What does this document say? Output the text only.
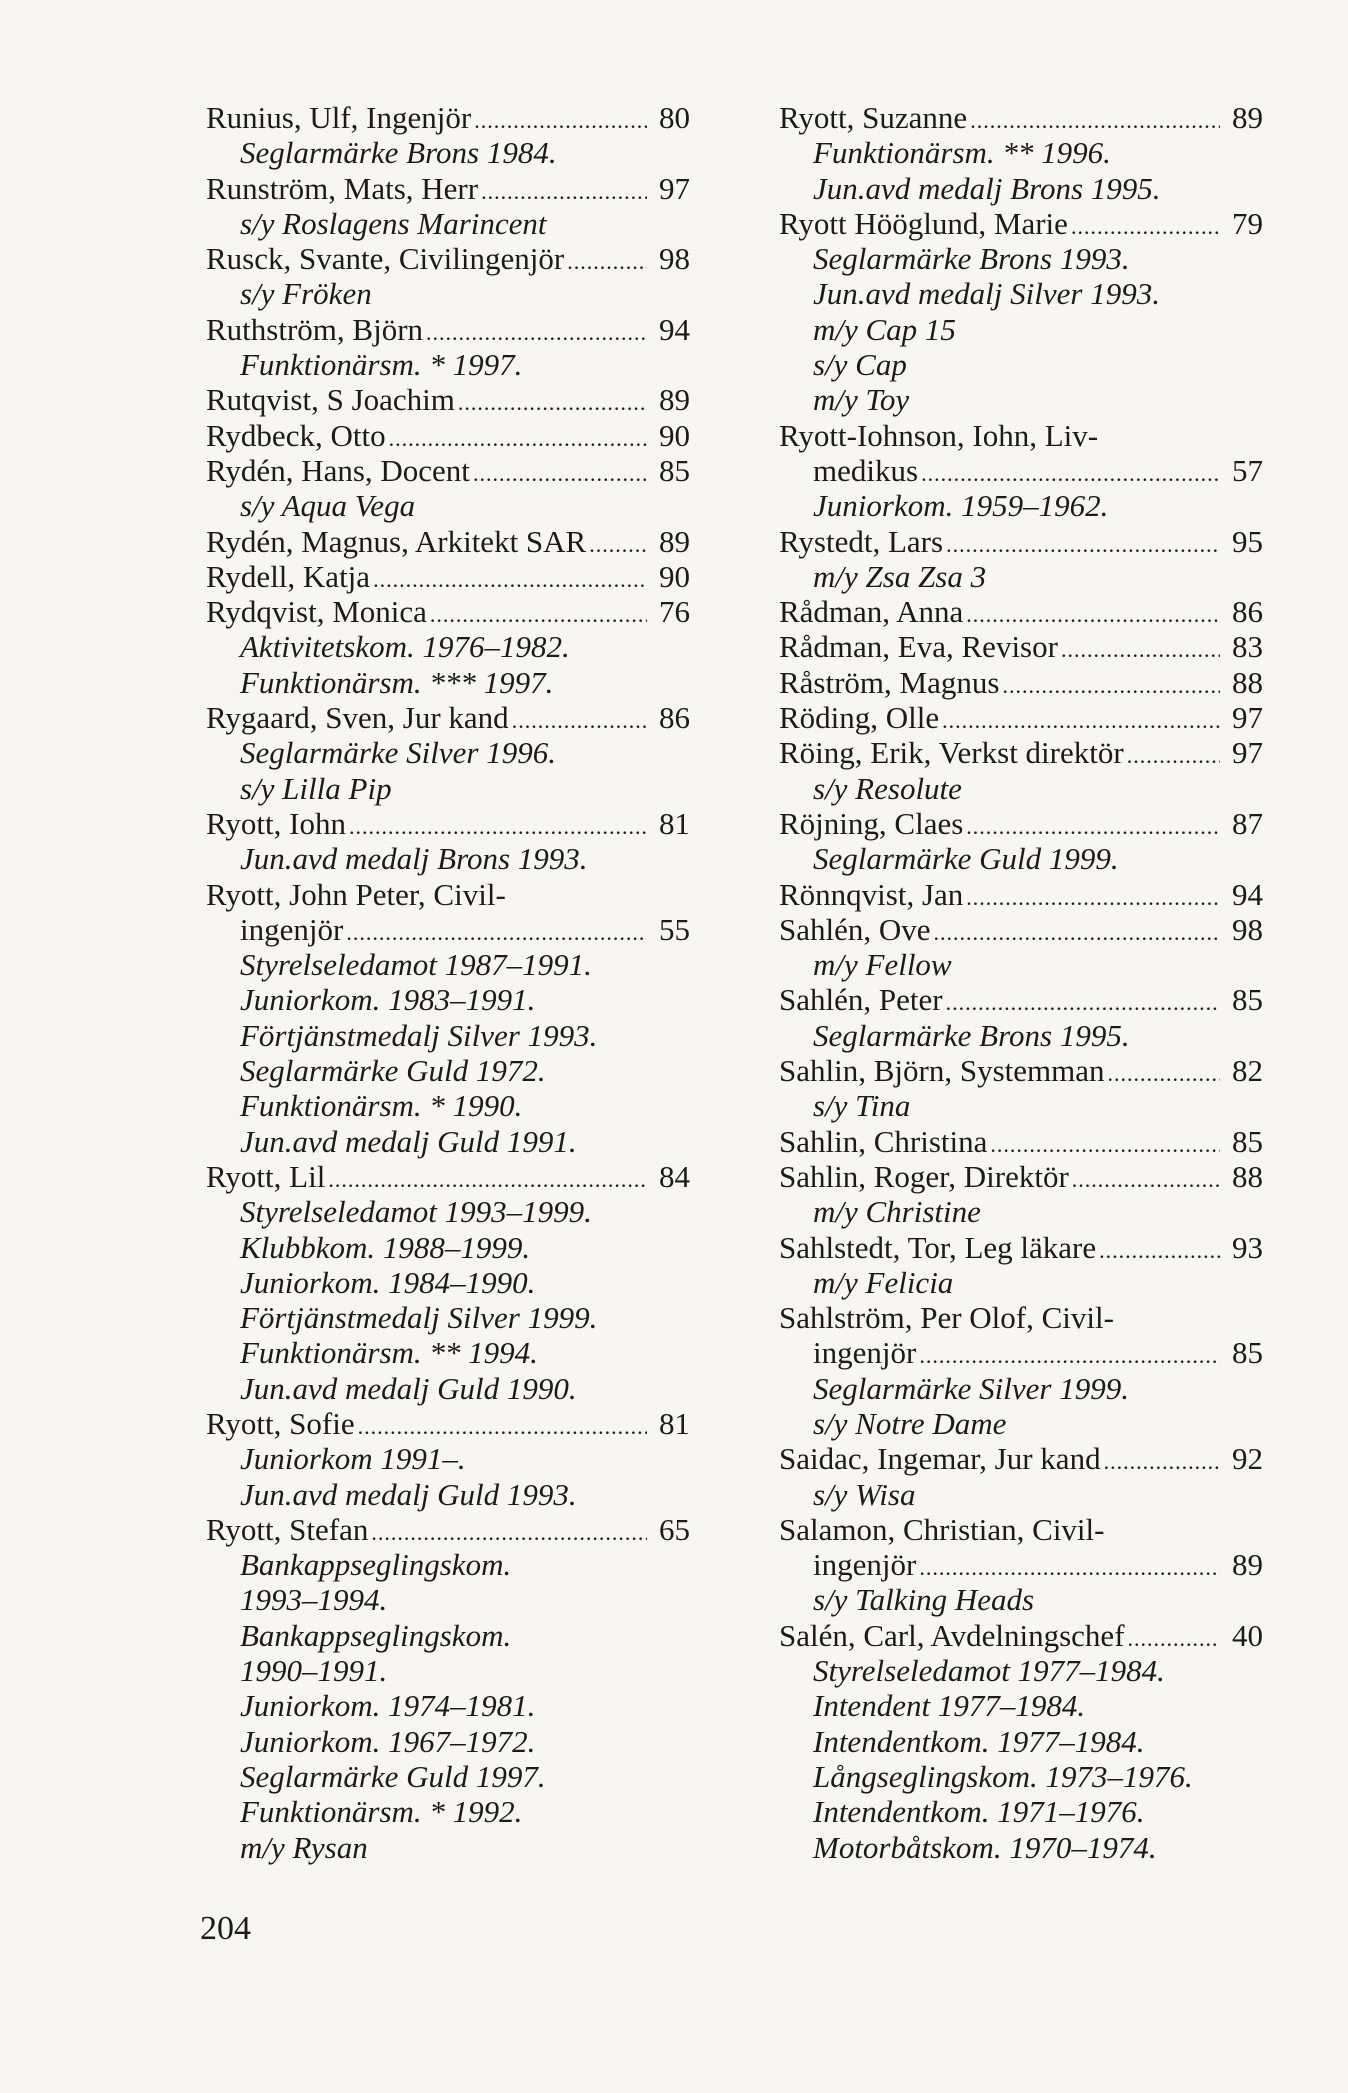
Runius, Ulf, Ingenjör .....	80
Seglarmärke Brons 1984.
Runström, Mats, Herr .....	97
s/y Roslagens Marincent
Rusck, Svante, Civilingenjör .....	98
s/y Fröken
Ruthström, Björn .....	94
Funktionärsm. * 1997.
Rutqvist, S Joachim .....	89
Rydbeck, Otto .....	90
Rydén, Hans, Docent .....	85
s/y Aqua Vega
Rydén, Magnus, Arkitekt SAR ..... 89
Rydell, Katja .....	90
Rydqvist, Monica .....	76
Aktivitetskom. 1976–1982.
Funktionärsm. *** 1997.
Rygaard, Sven, Jur kand .....	86
Seglarmärke Silver 1996.
s/y Lilla Pip
Ryott, Iohn .....	81
Jun.avd medalj Brons 1993.
Ryott, John Peter, Civil-
ingenjör .....	55
Styrelseledamot 1987–1991.
Juniorkom. 1983–1991.
Förtjänstmedalj Silver 1993.
Seglarmärke Guld 1972.
Funktionärsm. * 1990.
Jun.avd medalj Guld 1991.
Ryott, Lil .....	84
Styrelseledamot 1993–1999.
Klubbkom. 1988–1999.
Juniorkom. 1984–1990.
Förtjänstmedalj Silver 1999.
Funktionärsm. ** 1994.
Jun.avd medalj Guld 1990.
Ryott, Sofie .....	81
Juniorkom 1991–.
Jun.avd medalj Guld 1993.
Ryott, Stefan .....	65
Bankappseglingskom.
1993–1994.
Bankappseglingskom.
1990–1991.
Juniorkom. 1974–1981.
Juniorkom. 1967–1972.
Seglarmärke Guld 1997.
Funktionärsm. * 1992.
m/y Rysan
Ryott, Suzanne .....	89
Funktionärsm. ** 1996.
Jun.avd medalj Brons 1995.
Ryott Hööglund, Marie .....	79
Seglarmärke Brons 1993.
Jun.avd medalj Silver 1993.
m/y Cap 15
s/y Cap
m/y Toy
Ryott-Iohnson, Iohn, Liv-
medikus .....	57
Juniorkom. 1959–1962.
Rystedt, Lars .....	95
m/y Zsa Zsa 3
Rådman, Anna .....	86
Rådman, Eva, Revisor .....	83
Råström, Magnus .....	88
Röding, Olle .....	97
Röing, Erik, Verkst direktör .....	97
s/y Resolute
Röjning, Claes .....	87
Seglarmärke Guld 1999.
Rönnqvist, Jan .....	94
Sahlén, Ove .....	98
m/y Fellow
Sahlén, Peter .....	85
Seglarmärke Brons 1995.
Sahlin, Björn, Systemman .....	82
s/y Tina
Sahlin, Christina .....	85
Sahlin, Roger, Direktör .....	88
m/y Christine
Sahlstedt, Tor, Leg läkare .....	93
m/y Felicia
Sahlström, Per Olof, Civil-
ingenjör .....	85
Seglarmärke Silver 1999.
s/y Notre Dame
Saidac, Ingemar, Jur kand .....	92
s/y Wisa
Salamon, Christian, Civil-
ingenjör .....	89
s/y Talking Heads
Salén, Carl, Avdelningschef .....	40
Styrelseledamot 1977–1984.
Intendent 1977–1984.
Intendentkom. 1977–1984.
Långseglingskom. 1973–1976.
Intendentkom. 1971–1976.
Motorbåtskom. 1970–1974.
204
